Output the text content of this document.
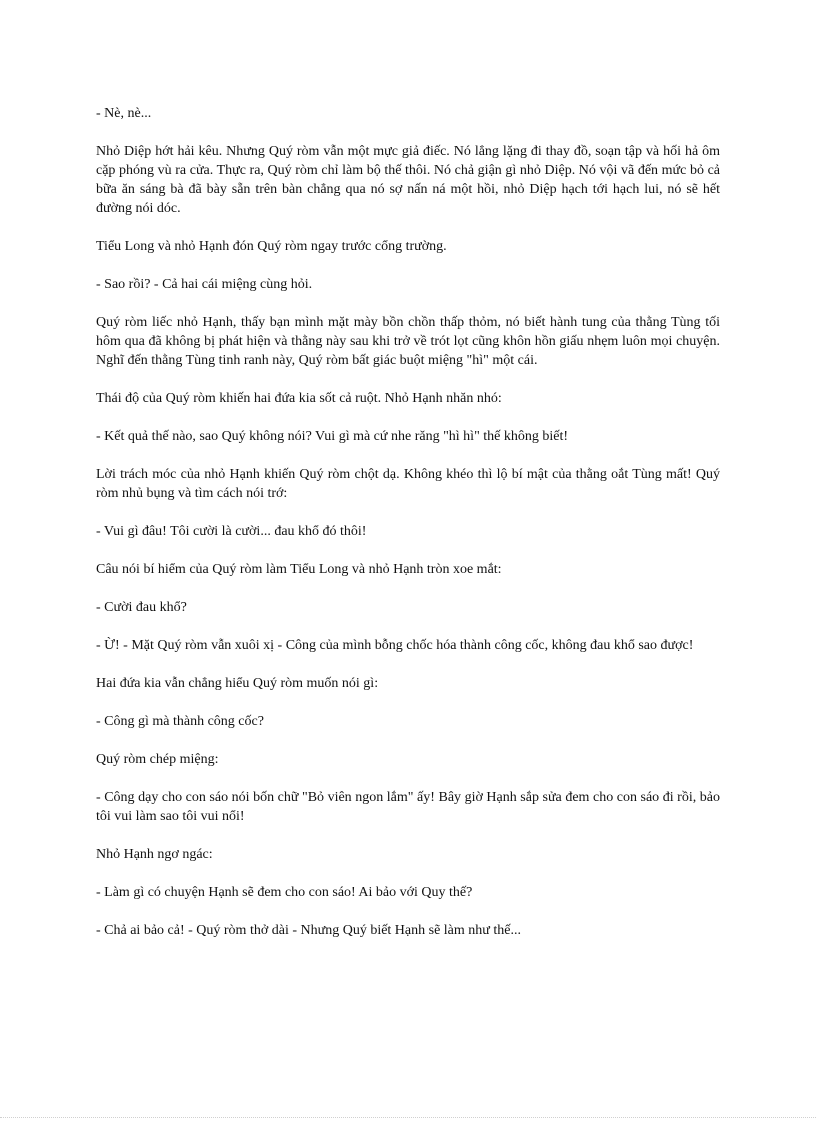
- Nè, nè...

Nhỏ Diệp hớt hải kêu. Nhưng Quý ròm vẫn một mực giả điếc. Nó lẳng lặng đi thay đồ, soạn tập và hối hả ôm cặp phóng vù ra cửa. Thực ra, Quý ròm chỉ làm bộ thế thôi. Nó chả giận gì nhỏ Diệp. Nó vội vã đến mức bỏ cả bữa ăn sáng bà đã bày sẵn trên bàn chẳng qua nó sợ nấn ná một hồi, nhỏ Diệp hạch tới hạch lui, nó sẽ hết đường nói dóc.

Tiểu Long và nhỏ Hạnh đón Quý ròm ngay trước cổng trường.

- Sao rồi? - Cả hai cái miệng cùng hỏi.

Quý ròm liếc nhỏ Hạnh, thấy bạn mình mặt mày bồn chồn thấp thỏm, nó biết hành tung của thằng Tùng tối hôm qua đã không bị phát hiện và thằng này sau khi trở về trót lọt cũng khôn hồn giấu nhẹm luôn mọi chuyện. Nghĩ đến thằng Tùng tinh ranh này, Quý ròm bất giác buột miệng "hì" một cái.

Thái độ của Quý ròm khiến hai đứa kia sốt cả ruột. Nhỏ Hạnh nhăn nhó:

- Kết quả thế nào, sao Quý không nói? Vui gì mà cứ nhe răng "hì hì" thế không biết!

Lời trách móc của nhỏ Hạnh khiến Quý ròm chột dạ. Không khéo thì lộ bí mật của thằng oắt Tùng mất! Quý ròm nhủ bụng và tìm cách nói trớ:

- Vui gì đâu! Tôi cười là cười... đau khổ đó thôi!

Câu nói bí hiểm của Quý ròm làm Tiểu Long và nhỏ Hạnh tròn xoe mắt:

- Cười đau khổ?

- Ừ! - Mặt Quý ròm vẫn xuôi xị - Công của mình bỗng chốc hóa thành công cốc, không đau khổ sao được!

Hai đứa kia vẫn chẳng hiểu Quý ròm muốn nói gì:

- Công gì mà thành công cốc?

Quý ròm chép miệng:

- Công dạy cho con sáo nói bốn chữ "Bỏ viên ngon lắm" ấy! Bây giờ Hạnh sắp sửa đem cho con sáo đi rồi, bảo tôi vui làm sao tôi vui nổi!

Nhỏ Hạnh ngơ ngác:

- Làm gì có chuyện Hạnh sẽ đem cho con sáo! Ai bảo với Quy thế?

- Chả ai bảo cả! - Quý ròm thở dài - Nhưng Quý biết Hạnh sẽ làm như thế...
